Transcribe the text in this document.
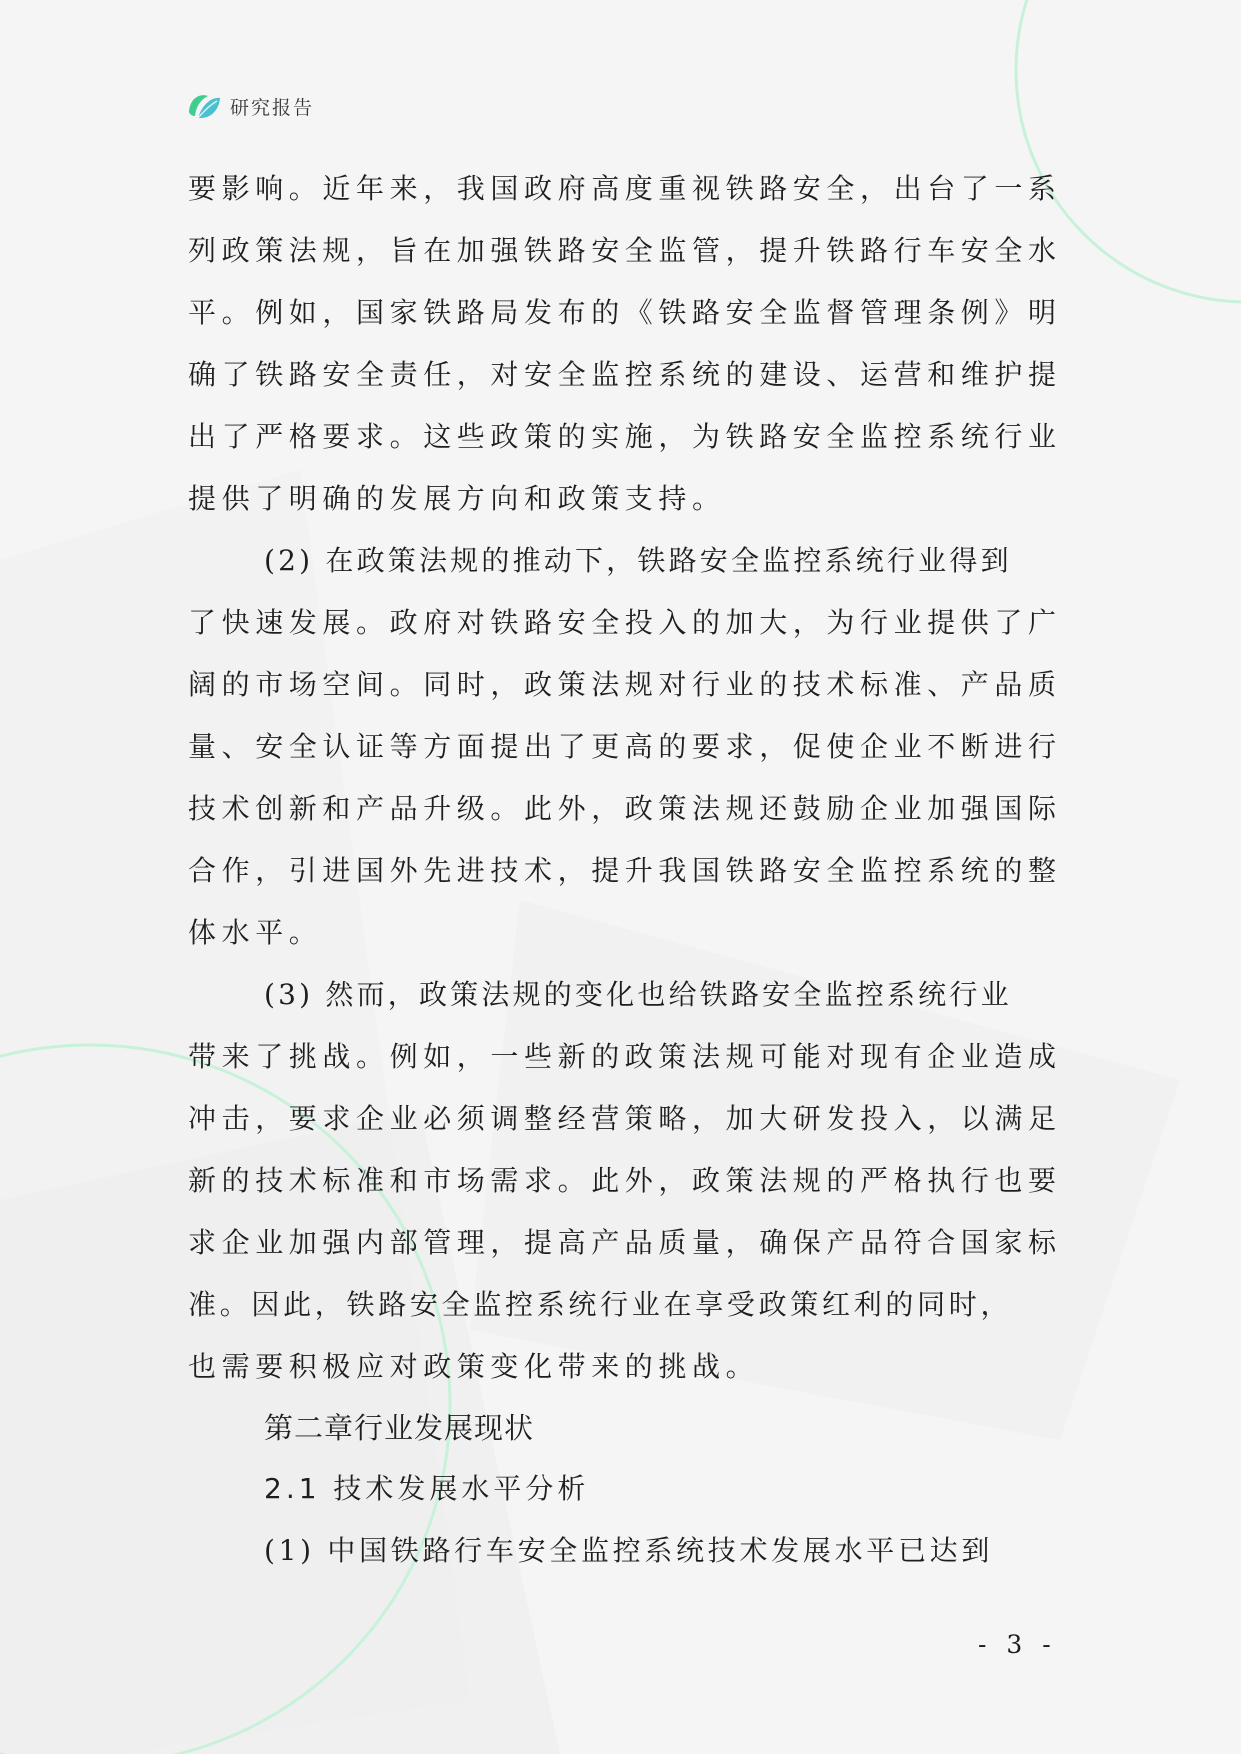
研究报告
要影响。近年来，我国政府高度重视铁路安全，出台了一系
列政策法规，旨在加强铁路安全监管，提升铁路行车安全水
平。例如，国家铁路局发布的《铁路安全监督管理条例》明
确了铁路安全责任，对安全监控系统的建设、运营和维护提
出了严格要求。这些政策的实施，为铁路安全监控系统行业
提供了明确的发展方向和政策支持。
(2) 在政策法规的推动下，铁路安全监控系统行业得到
了快速发展。政府对铁路安全投入的加大，为行业提供了广
阔的市场空间。同时，政策法规对行业的技术标准、产品质
量、安全认证等方面提出了更高的要求，促使企业不断进行
技术创新和产品升级。此外，政策法规还鼓励企业加强国际
合作，引进国外先进技术，提升我国铁路安全监控系统的整
体水平。
(3) 然而，政策法规的变化也给铁路安全监控系统行业
带来了挑战。例如，一些新的政策法规可能对现有企业造成
冲击，要求企业必须调整经营策略，加大研发投入，以满足
新的技术标准和市场需求。此外，政策法规的严格执行也要
求企业加强内部管理，提高产品质量，确保产品符合国家标
准。因此，铁路安全监控系统行业在享受政策红利的同时，
也需要积极应对政策变化带来的挑战。
第二章行业发展现状
2.1 技术发展水平分析
(1) 中国铁路行车安全监控系统技术发展水平已达到
- 3 -
